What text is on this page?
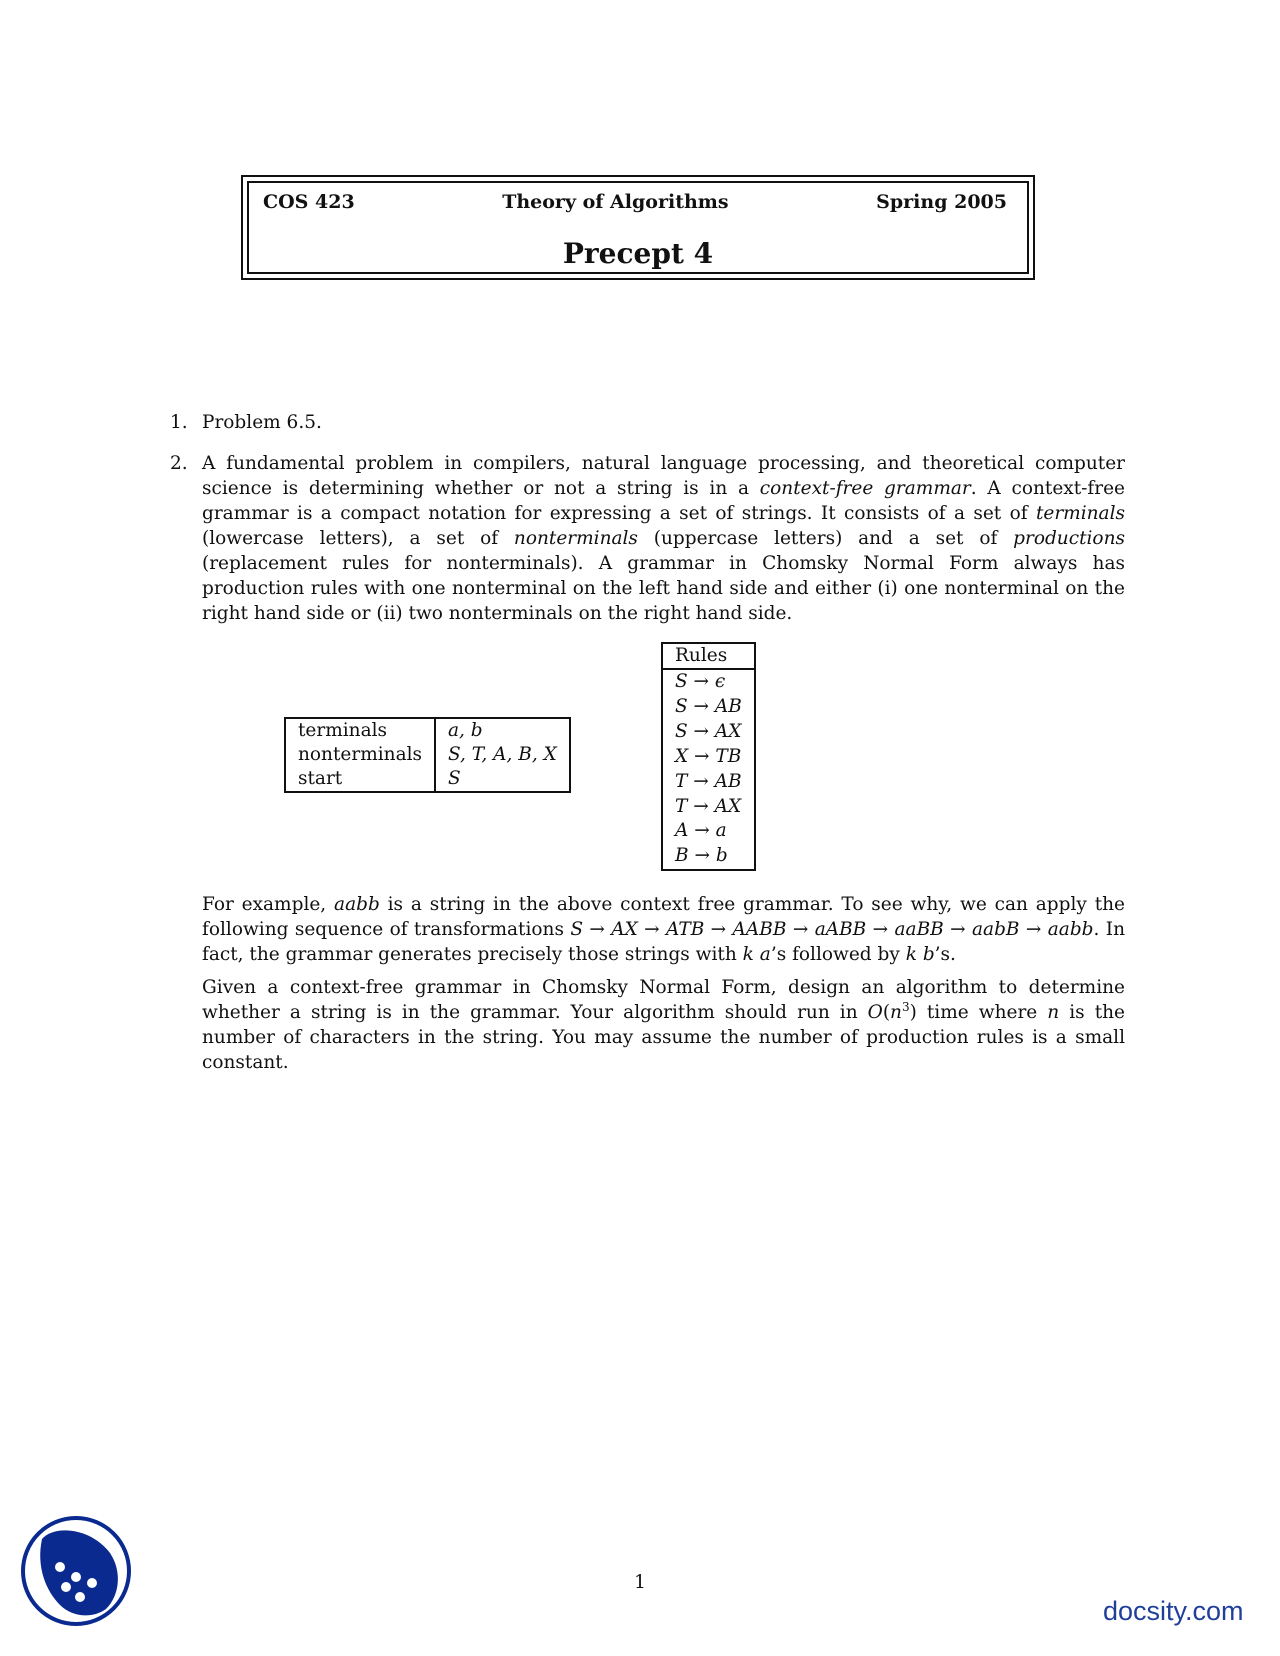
COS 423	Theory of Algorithms	Spring 2005
Precept 4
1. Problem 6.5.
2. A fundamental problem in compilers, natural language processing, and theoretical computer science is determining whether or not a string is in a context-free grammar. A context-free grammar is a compact notation for expressing a set of strings. It consists of a set of terminals (lowercase letters), a set of nonterminals (uppercase letters) and a set of productions (replacement rules for nonterminals). A grammar in Chomsky Normal Form always has production rules with one nonterminal on the left hand side and either (i) one nonterminal on the right hand side or (ii) two nonterminals on the right hand side.

terminals	a, b
nonterminals	S, T, A, B, X
start	S
Rules
S → ϵ
S → AB
S → AX
X → TB
T → AB
T → AX
A → a
B → b

For example, aabb is a string in the above context free grammar. To see why, we can apply the following sequence of transformations S → AX → ATB → AABB → aABB → aaBB → aabB → aabb. In fact, the grammar generates precisely those strings with k a’s followed by k b’s.

Given a context-free grammar in Chomsky Normal Form, design an algorithm to determine whether a string is in the grammar. Your algorithm should run in $O(n^3)$ time where n is the number of characters in the string. You may assume the number of production rules is a small constant.

1
docsity.com
